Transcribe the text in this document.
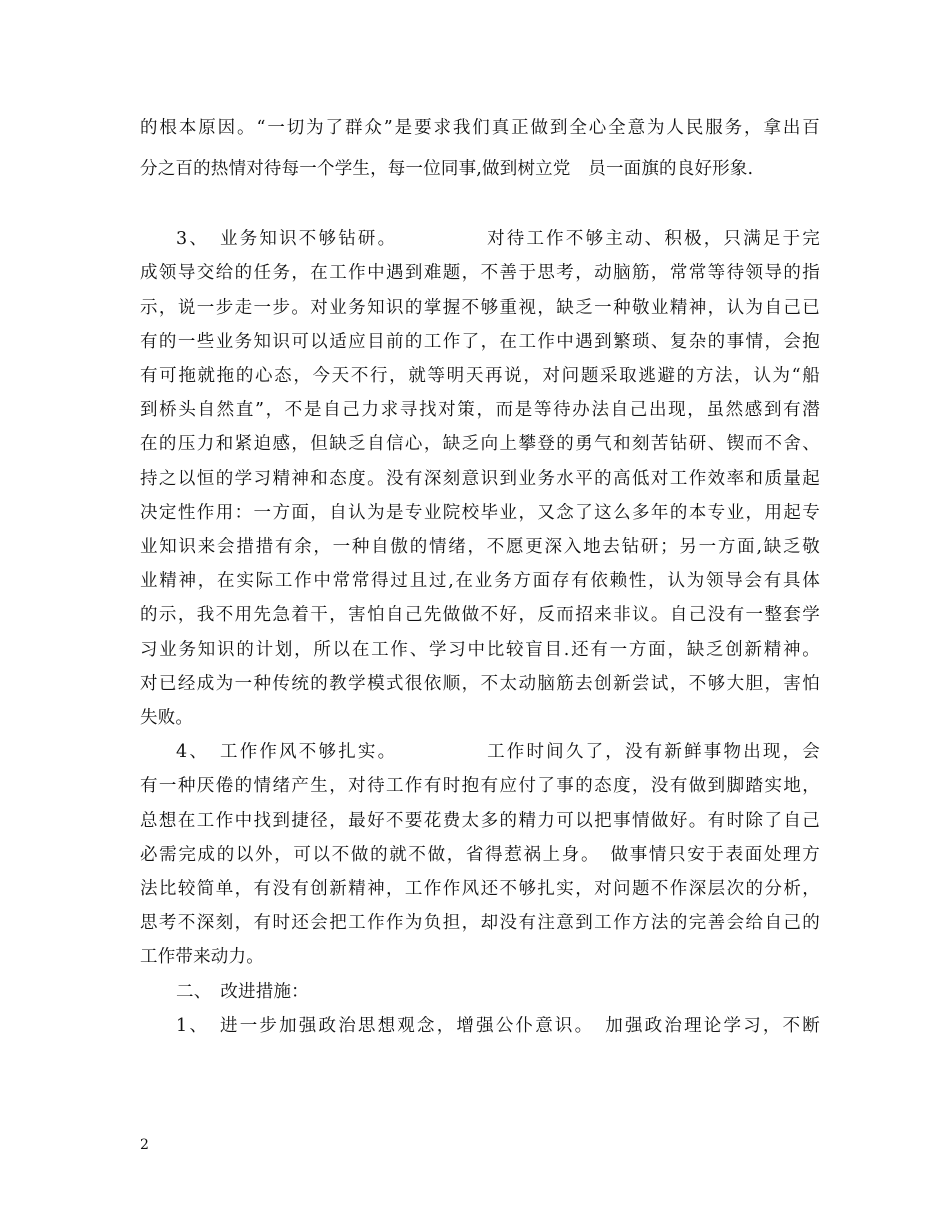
的根本原因。“一切为了群众”是要求我们真正做到全心全意为人民服务，拿出百
分之百的热情对待每一个学生，每一位同事,做到树立党　员一面旗的良好形象.
3、　业务知识不够钻研。　　　　　对待工作不够主动、积极，只满足于完
成领导交给的任务，在工作中遇到难题，不善于思考，动脑筋，常常等待领导的指
示，说一步走一步。对业务知识的掌握不够重视，缺乏一种敬业精神，认为自己已
有的一些业务知识可以适应目前的工作了，在工作中遇到繁琐、复杂的事情，会抱
有可拖就拖的心态，今天不行，就等明天再说，对问题采取逃避的方法，认为“船
到桥头自然直”，不是自己力求寻找对策，而是等待办法自己出现，虽然感到有潜
在的压力和紧迫感，但缺乏自信心，缺乏向上攀登的勇气和刻苦钻研、锲而不舍、
持之以恒的学习精神和态度。没有深刻意识到业务水平的高低对工作效率和质量起
决定性作用：一方面，自认为是专业院校毕业，又念了这么多年的本专业，用起专
业知识来会措措有余，一种自傲的情绪，不愿更深入地去钻研；另一方面,缺乏敬
业精神，在实际工作中常常得过且过,在业务方面存有依赖性，认为领导会有具体
的示，我不用先急着干，害怕自己先做做不好，反而招来非议。自己没有一整套学
习业务知识的计划，所以在工作、学习中比较盲目.还有一方面，缺乏创新精神。
对已经成为一种传统的教学模式很依顺，不太动脑筋去创新尝试，不够大胆，害怕
失败。
4、　工作作风不够扎实。　　　　　工作时间久了，没有新鲜事物出现，会
有一种厌倦的情绪产生，对待工作有时抱有应付了事的态度，没有做到脚踏实地，
总想在工作中找到捷径，最好不要花费太多的精力可以把事情做好。有时除了自己
必需完成的以外，可以不做的就不做，省得惹祸上身。　做事情只安于表面处理方
法比较简单，有没有创新精神，工作作风还不够扎实，对问题不作深层次的分析，
思考不深刻，有时还会把工作作为负担，却没有注意到工作方法的完善会给自己的
工作带来动力。
二、　改进措施：
1、　进一步加强政治思想观念，增强公仆意识。　加强政治理论学习，不断
2
